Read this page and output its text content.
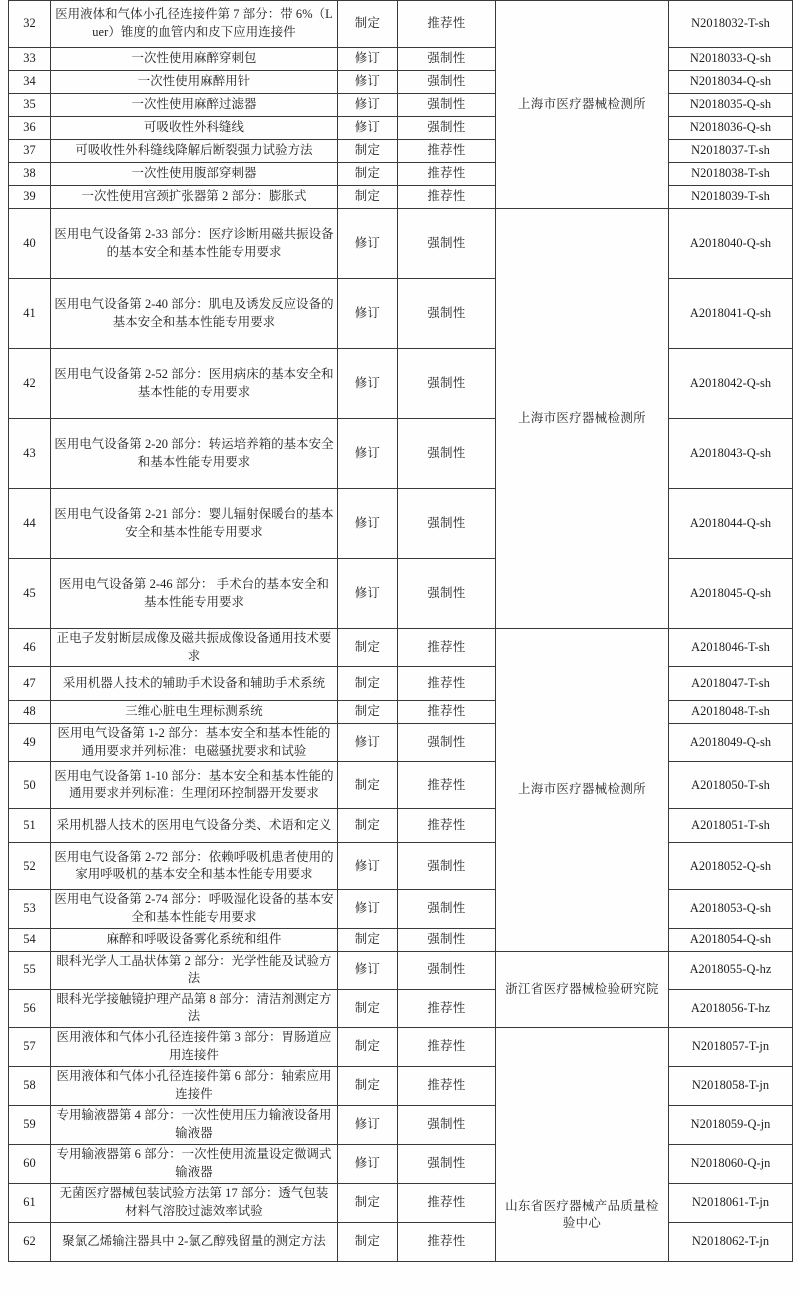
32	医用液体和气体小孔径连接件第 7 部分：带 6%（Luer）锥度的血管内和皮下应用连接件	制定	推荐性	上海市医疗器械检测所	N2018032-T-sh
33	一次性使用麻醉穿刺包	修订	强制性		N2018033-Q-sh
34	一次性使用麻醉用针	修订	强制性		N2018034-Q-sh
35	一次性使用麻醉过滤器	修订	强制性		N2018035-Q-sh
36	可吸收性外科缝线	修订	强制性		N2018036-Q-sh
37	可吸收性外科缝线降解后断裂强力试验方法	制定	推荐性		N2018037-T-sh
38	一次性使用腹部穿刺器	制定	推荐性		N2018038-T-sh
39	一次性使用宫颈扩张器第 2 部分：膨胀式	制定	推荐性		N2018039-T-sh
40	医用电气设备第 2-33 部分：医疗诊断用磁共振设备的基本安全和基本性能专用要求	修订	强制性	上海市医疗器械检测所	A2018040-Q-sh
41	医用电气设备第 2-40 部分：肌电及诱发反应设备的基本安全和基本性能专用要求	修订	强制性		A2018041-Q-sh
42	医用电气设备第 2-52 部分：医用病床的基本安全和基本性能的专用要求	修订	强制性		A2018042-Q-sh
43	医用电气设备第 2-20 部分：转运培养箱的基本安全和基本性能专用要求	修订	强制性		A2018043-Q-sh
44	医用电气设备第 2-21 部分：婴儿辐射保暖台的基本安全和基本性能专用要求	修订	强制性		A2018044-Q-sh
45	医用电气设备第 2-46 部分： 手术台的基本安全和基本性能专用要求	修订	强制性		A2018045-Q-sh
46	正电子发射断层成像及磁共振成像设备通用技术要求	制定	推荐性	上海市医疗器械检测所	A2018046-T-sh
47	采用机器人技术的辅助手术设备和辅助手术系统	制定	推荐性		A2018047-T-sh
48	三维心脏电生理标测系统	制定	推荐性		A2018048-T-sh
49	医用电气设备第 1-2 部分：基本安全和基本性能的通用要求并列标准：电磁骚扰要求和试验	修订	强制性		A2018049-Q-sh
50	医用电气设备第 1-10 部分：基本安全和基本性能的通用要求并列标准：生理闭环控制器开发要求	制定	推荐性		A2018050-T-sh
51	采用机器人技术的医用电气设备分类、术语和定义	制定	推荐性		A2018051-T-sh
52	医用电气设备第 2-72 部分：依赖呼吸机患者使用的家用呼吸机的基本安全和基本性能专用要求	修订	强制性		A2018052-Q-sh
53	医用电气设备第 2-74 部分：呼吸湿化设备的基本安全和基本性能专用要求	修订	强制性		A2018053-Q-sh
54	麻醉和呼吸设备雾化系统和组件	制定	强制性		A2018054-Q-sh
55	眼科光学人工晶状体第 2 部分：光学性能及试验方法	修订	强制性	浙江省医疗器械检验研究院	A2018055-Q-hz
56	眼科光学接触镜护理产品第 8 部分：清洁剂测定方法	制定	推荐性		A2018056-T-hz
57	医用液体和气体小孔径连接件第 3 部分：胃肠道应用连接件	制定	推荐性	山东省医疗器械产品质量检验中心	N2018057-T-jn
58	医用液体和气体小孔径连接件第 6 部分：轴索应用连接件	制定	推荐性		N2018058-T-jn
59	专用输液器第 4 部分：一次性使用压力输液设备用输液器	修订	强制性		N2018059-Q-jn
60	专用输液器第 6 部分：一次性使用流量设定微调式输液器	修订	强制性		N2018060-Q-jn
61	无菌医疗器械包装试验方法第 17 部分：透气包装材料气溶胶过滤效率试验	制定	推荐性		N2018061-T-jn
62	聚氯乙烯输注器具中 2-氯乙醇残留量的测定方法	制定	推荐性		N2018062-T-jn
